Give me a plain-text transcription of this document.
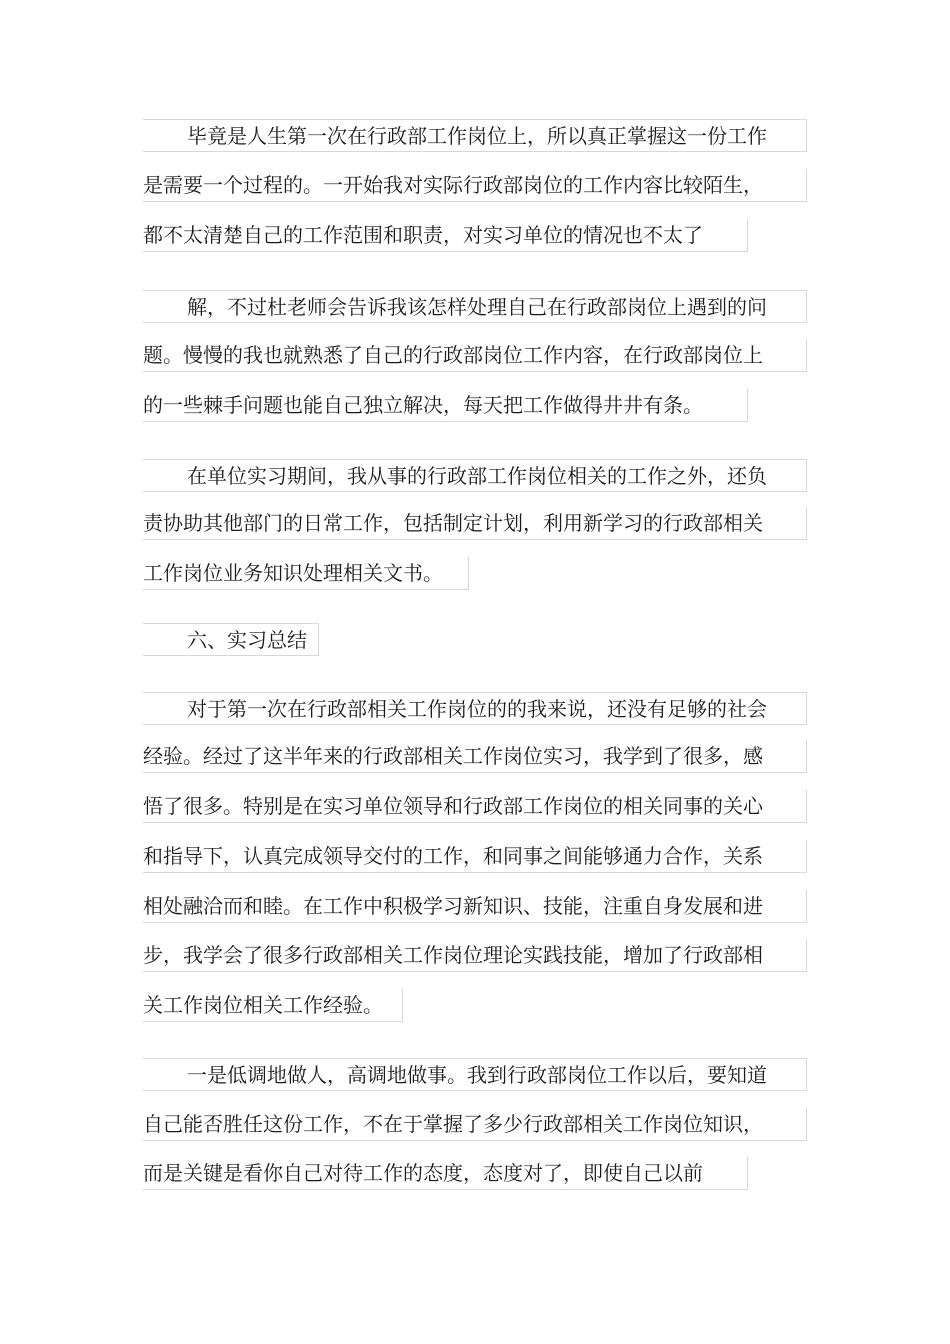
毕竟是人生第一次在行政部工作岗位上，所以真正掌握这一份工作
是需要一个过程的。一开始我对实际行政部岗位的工作内容比较陌生，
都不太清楚自己的工作范围和职责，对实习单位的情况也不太了
解，不过杜老师会告诉我该怎样处理自己在行政部岗位上遇到的问
题。慢慢的我也就熟悉了自己的行政部岗位工作内容，在行政部岗位上
的一些棘手问题也能自己独立解决，每天把工作做得井井有条。
在单位实习期间，我从事的行政部工作岗位相关的工作之外，还负
责协助其他部门的日常工作，包括制定计划，利用新学习的行政部相关
工作岗位业务知识处理相关文书。
六、实习总结
对于第一次在行政部相关工作岗位的的我来说，还没有足够的社会
经验。经过了这半年来的行政部相关工作岗位实习，我学到了很多，感
悟了很多。特别是在实习单位领导和行政部工作岗位的相关同事的关心
和指导下，认真完成领导交付的工作，和同事之间能够通力合作，关系
相处融洽而和睦。在工作中积极学习新知识、技能，注重自身发展和进
步，我学会了很多行政部相关工作岗位理论实践技能，增加了行政部相
关工作岗位相关工作经验。
一是低调地做人，高调地做事。我到行政部岗位工作以后，要知道
自己能否胜任这份工作，不在于掌握了多少行政部相关工作岗位知识，
而是关键是看你自己对待工作的态度，态度对了，即使自己以前
